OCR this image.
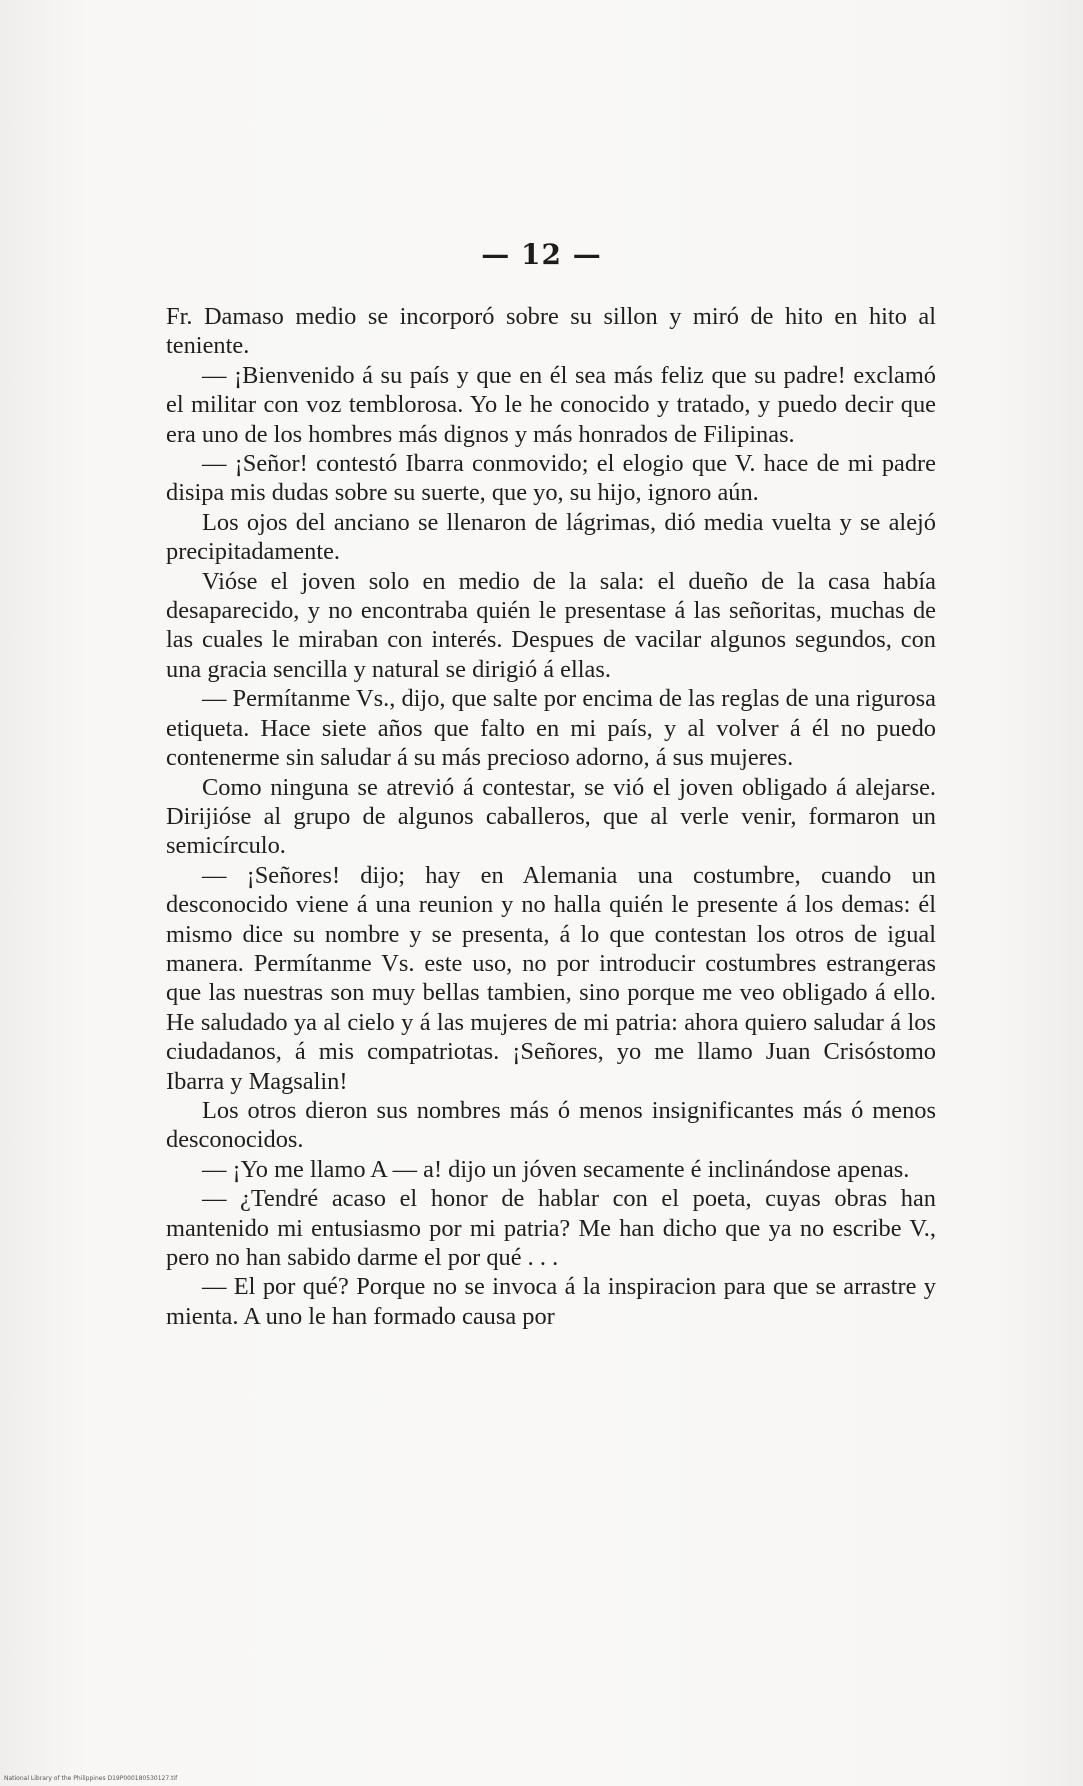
— 12 —

Fr. Damaso medio se incorporó sobre su sillon y miró de hito en hito al teniente.

— ¡Bienvenido á su país y que en él sea más feliz que su padre! exclamó el militar con voz temblorosa. Yo le he conocido y tratado, y puedo decir que era uno de los hombres más dignos y más honrados de Filipinas.

— ¡Señor! contestó Ibarra conmovido; el elogio que V. hace de mi padre disipa mis dudas sobre su suerte, que yo, su hijo, ignoro aún.

Los ojos del anciano se llenaron de lágrimas, dió media vuelta y se alejó precipitadamente.

Vióse el joven solo en medio de la sala: el dueño de la casa había desaparecido, y no encontraba quién le presentase á las señoritas, muchas de las cuales le miraban con interés. Despues de vacilar algunos segundos, con una gracia sencilla y natural se dirigió á ellas.

— Permítanme Vs., dijo, que salte por encima de las reglas de una rigurosa etiqueta. Hace siete años que falto en mi país, y al volver á él no puedo contenerme sin saludar á su más precioso adorno, á sus mujeres.

Como ninguna se atrevió á contestar, se vió el joven obligado á alejarse. Dirijióse al grupo de algunos caballeros, que al verle venir, formaron un semicírculo.

— ¡Señores! dijo; hay en Alemania una costumbre, cuando un desconocido viene á una reunion y no halla quién le presente á los demas: él mismo dice su nombre y se presenta, á lo que contestan los otros de igual manera. Permítanme Vs. este uso, no por introducir costumbres estrangeras que las nuestras son muy bellas tambien, sino porque me veo obligado á ello. He saludado ya al cielo y á las mujeres de mi patria: ahora quiero saludar á los ciudadanos, á mis compatriotas. ¡Señores, yo me llamo Juan Crisóstomo Ibarra y Magsalin!

Los otros dieron sus nombres más ó menos insignificantes más ó menos desconocidos.

— ¡Yo me llamo A — a! dijo un jóven secamente é inclinándose apenas.

— ¿Tendré acaso el honor de hablar con el poeta, cuyas obras han mantenido mi entusiasmo por mi patria? Me han dicho que ya no escribe V., pero no han sabido darme el por qué . . .

— El por qué? Porque no se invoca á la inspiracion para que se arrastre y mienta. A uno le han formado causa por

National Library of the Philippines D19P000180530127.tif
